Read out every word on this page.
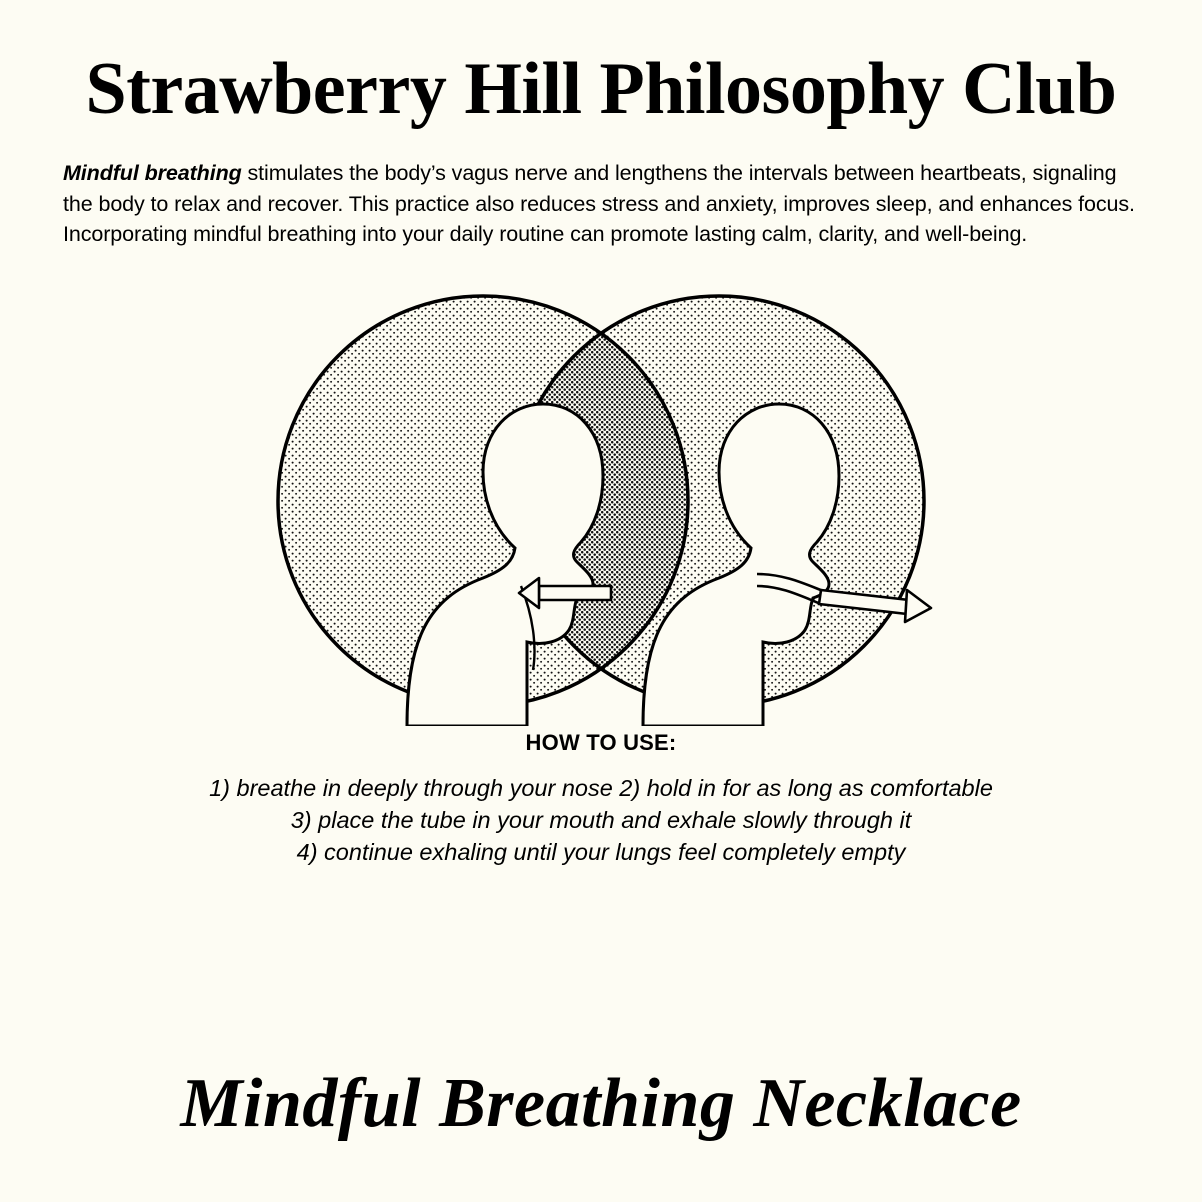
Strawberry Hill Philosophy Club

Mindful breathing stimulates the body’s vagus nerve and lengthens the intervals between heartbeats, signaling the body to relax and recover. This practice also reduces stress and anxiety, improves sleep, and enhances focus. Incorporating mindful breathing into your daily routine can promote lasting calm, clarity, and well-being.

HOW TO USE:
1) breathe in deeply through your nose 2) hold in for as long as comfortable
3) place the tube in your mouth and exhale slowly through it
4) continue exhaling until your lungs feel completely empty
Mindful Breathing Necklace
